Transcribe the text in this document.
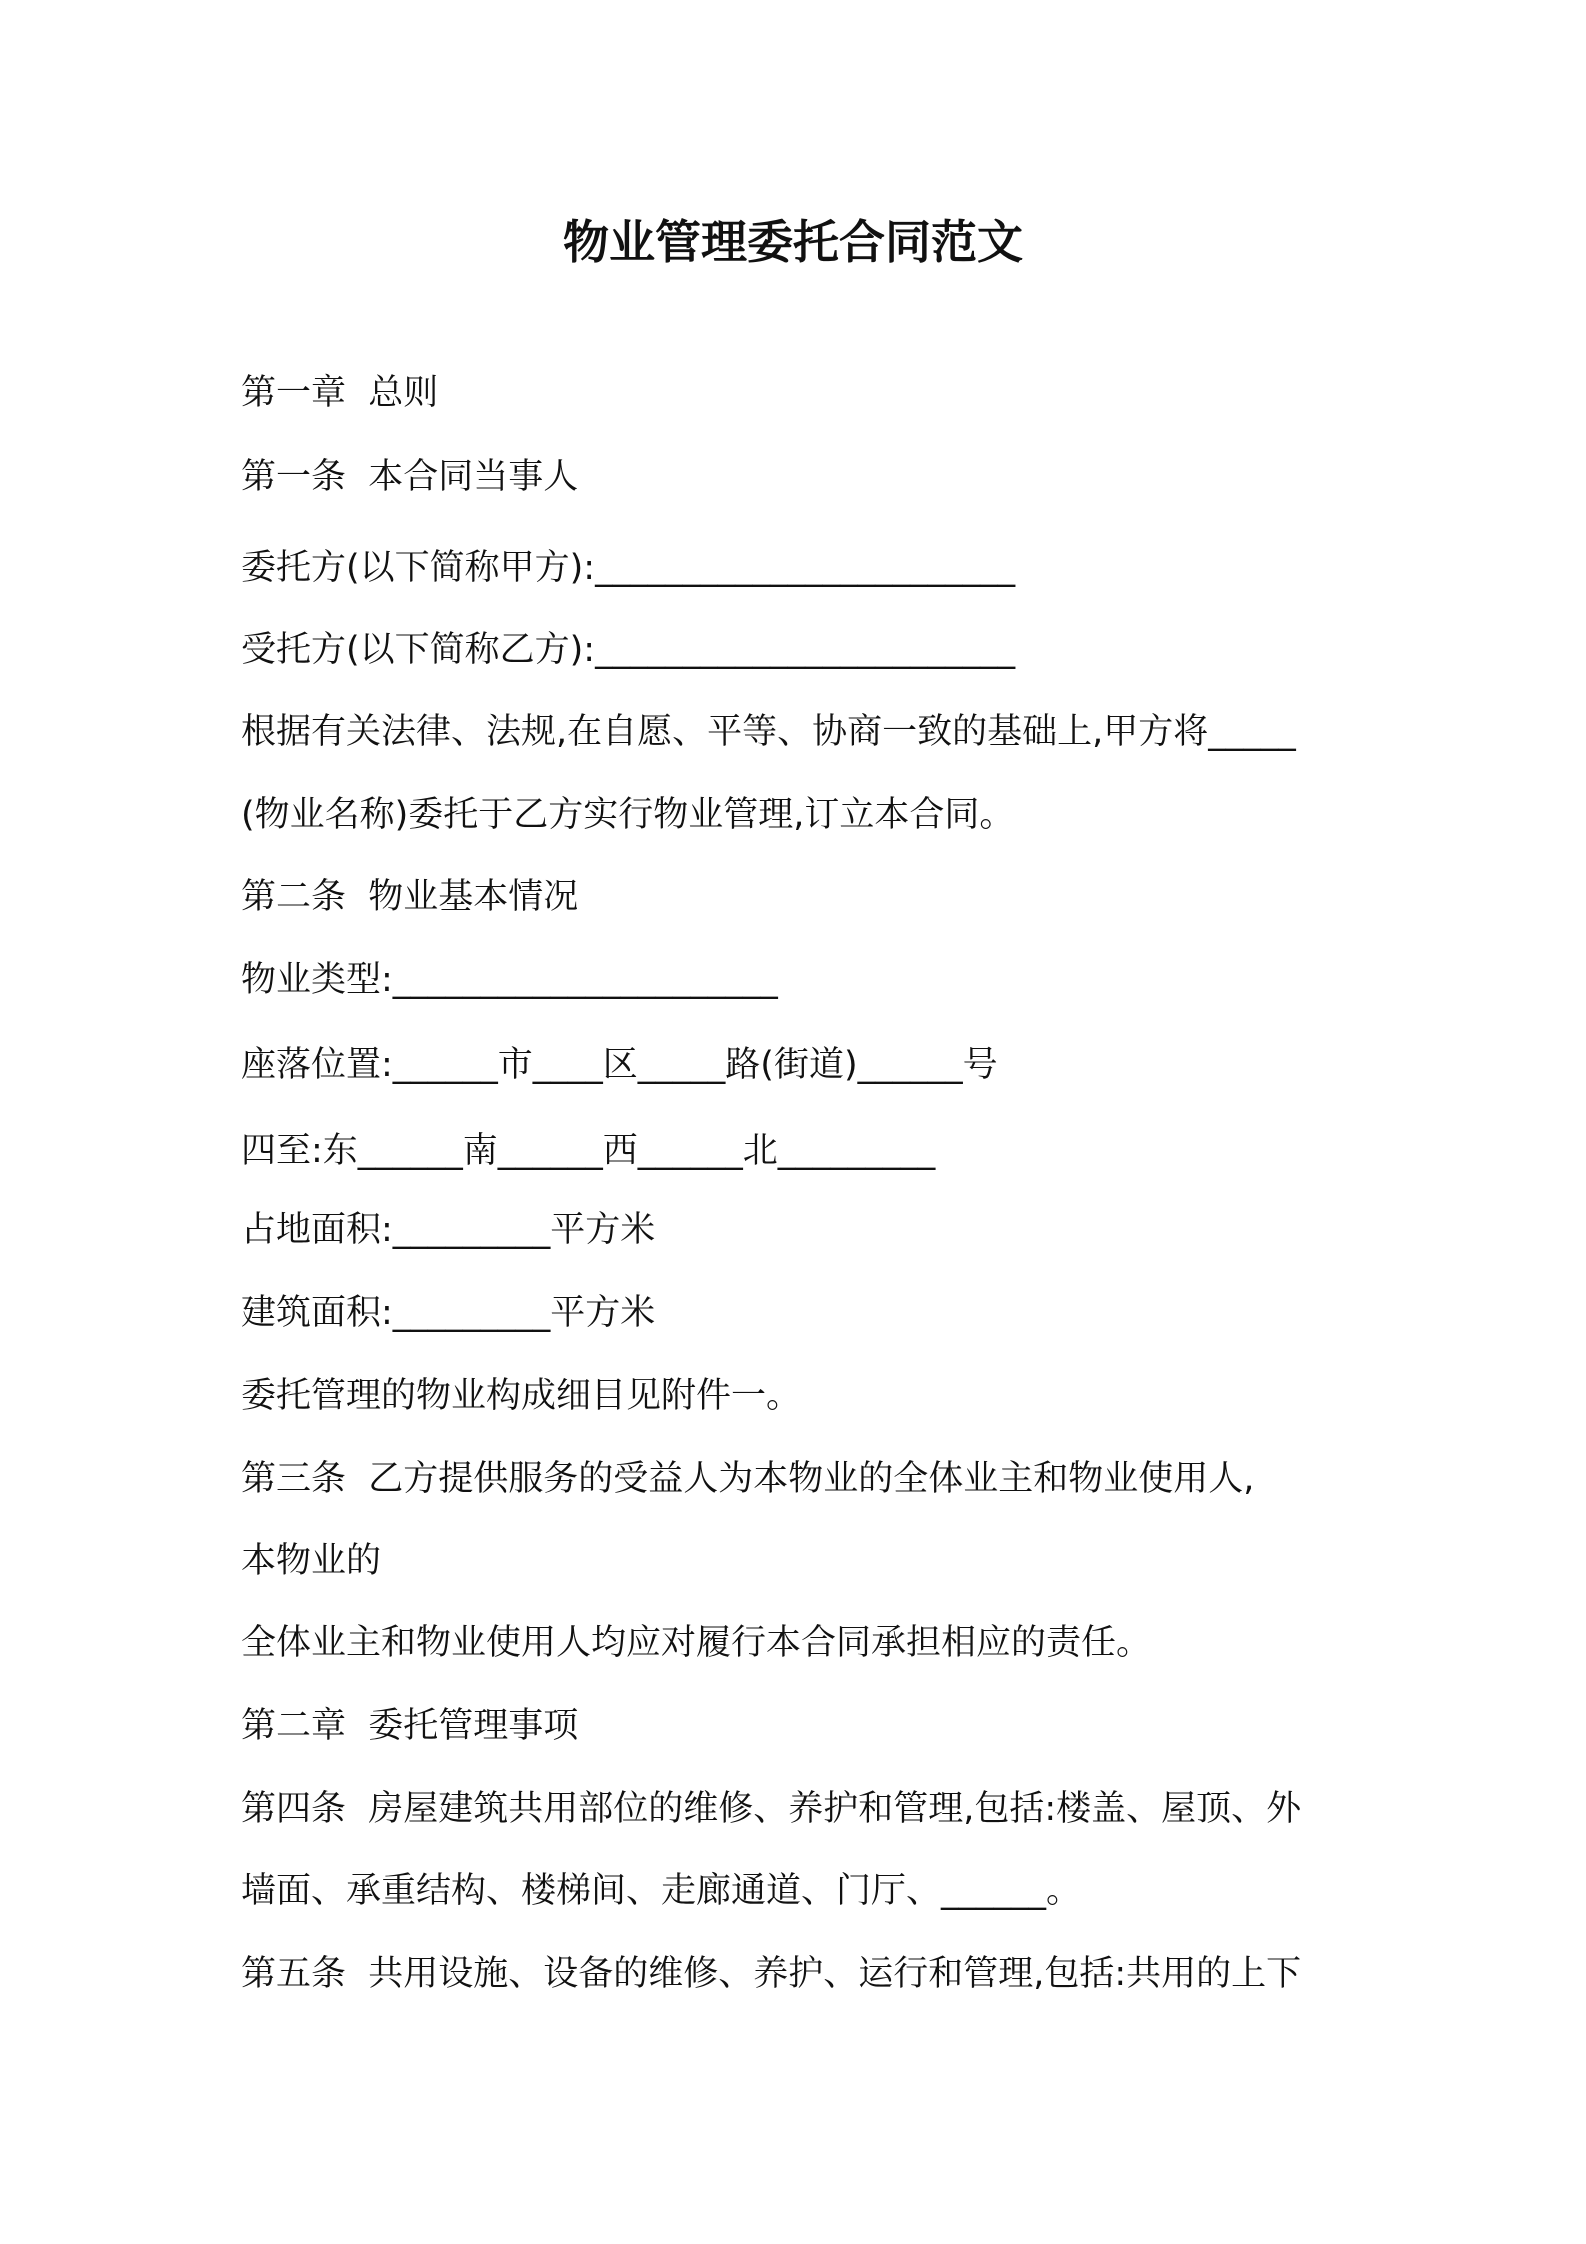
物业管理委托合同范文

第一章  总则

第一条  本合同当事人

委托方(以下简称甲方):________________________

受托方(以下简称乙方):________________________

根据有关法律、法规,在自愿、平等、协商一致的基础上,甲方将_____

(物业名称)委托于乙方实行物业管理,订立本合同。

第二条  物业基本情况

物业类型:______________________

座落位置:______市____区_____路(街道)______号

四至:东______南______西______北_________

占地面积:_________平方米

建筑面积:_________平方米

委托管理的物业构成细目见附件一。

第三条  乙方提供服务的受益人为本物业的全体业主和物业使用人,

本物业的

全体业主和物业使用人均应对履行本合同承担相应的责任。

第二章  委托管理事项

第四条  房屋建筑共用部位的维修、养护和管理,包括:楼盖、屋顶、外

墙面、承重结构、楼梯间、走廊通道、门厅、______。

第五条  共用设施、设备的维修、养护、运行和管理,包括:共用的上下
